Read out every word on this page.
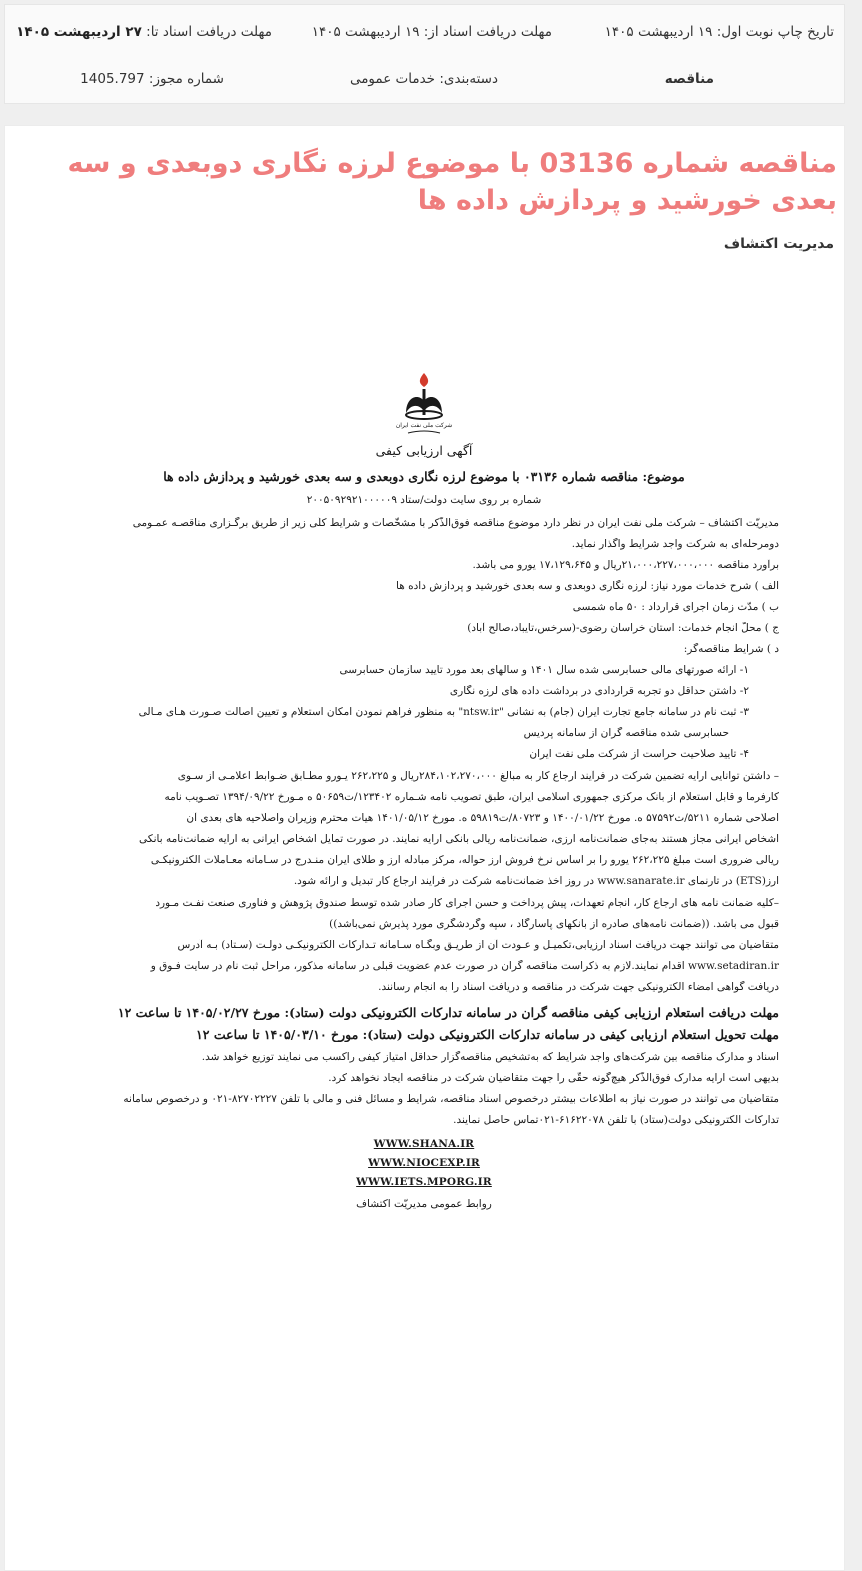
تاریخ چاپ نوبت اول: ۱۹ اردیبهشت ۱۴۰۵
مهلت دریافت اسناد از: ۱۹ اردیبهشت ۱۴۰۵
مهلت دریافت اسناد تا: ۲۷ اردیبهشت ۱۴۰۵
مناقصه
دسته‌بندی: خدمات عمومی
شماره مجوز: 1405.797
مناقصه شماره 03136 با موضوع لرزه نگاری دوبعدی و سه بعدی خورشید و پردازش داده ها
مدیریت اکتشاف
شرکت ملی نفت ایران
آگهی ارزیابی کیفی
موضوع: مناقصه شماره ۰۳۱۳۶ با موضوع لرزه نگاری دوبعدی و سه بعدی خورشید و پردازش داده ها
شماره بر روی سایت دولت/ستاد ۲۰۰۵۰۹۲۹۲۱۰۰۰۰۰۹
مدیریّت اکتشاف – شرکت ملّی نفت ایران در نظر دارد موضوع مناقصه فوق‌الذّکر با مشخّصات و شرایط کلّی زیر از طریق برگـزاری مناقصـه عمـومی
دومرحله‌ای به شرکت واجد شرایط واگذار نماید.
برآورد مناقصه ۲۱،۰۰۰،۲۲۷،۰۰۰،۰۰۰ریال و ۱۷،۱۲۹،۶۴۵ یورو می باشد.
الف ) شرح خدمات مورد نیاز: لرزه نگاری دوبعدی و سه بعدی خورشید و پردازش داده ها
ب ) مدّت زمان اجرای قرارداد : ۵۰ ماه شمسی
ج ) محلّ انجام خدمات: استان خراسان رضوی-(سرخس،تایباد،صالح آباد)
د ) شرایط مناقصه‌گر:
۱- ارائه صورتهای مالی حسابرسی شده سال ۱۴۰۱ و سالهای بعد مورد تایید سازمان حسابرسی
۲- داشتن حداقل دو تجربه قراردادی در برداشت داده های لرزه نگاری
۳- ثبت نام در سامانه جامع تجارت ایران (جام) به نشانی "ntsw.ir" به منظور فراهم نمودن امکان استعلام و تعیین اصالت صـورت هـای مـالی
حسابرسی شده مناقصه گران از سامانه پردیس
۴- تایید صلاحیت حراست از شرکت ملی نفت ایران
– داشتن توانایی ارایه تضمین شرکت در فرآیند ارجاع کار به مبالغ ۲۸۴،۱۰۲،۲۷۰،۰۰۰ریال و ۲۶۲،۲۲۵ یـورو مطـابق ضـوابط اعلامـی از سـوی
کارفرما و قابل استعلام از بانک مرکزی جمهوری اسلامی ایران، طبق تصویب نامه شـماره ۱۲۳۴۰۲/ت۵۰۶۵۹ ه مـورخ ۱۳۹۴/۰۹/۲۲ تصـویب نامه
اصلاحی شماره ۵۲۱۱/ت۵۷۵۹۲ ه. مورخ ۱۴۰۰/۰۱/۲۲ و ۸۰۷۲۳/ت۵۹۸۱۹ ه. مورخ ۱۴۰۱/۰۵/۱۲ هیات محترم وزیران واصلاحیه های بعدی آن
اشخاص ایرانی مجاز هستند به‌جای ضمانت‌نامه ارزی، ضمانت‌نامه ریالی بانکی ارایه نمایند. در صورت تمایل اشخاص ایرانی به ارایه ضمانت‌نامه بانکی
ریالی ضروری است مبلغ ۲۶۲،۲۲۵ یورو را بر اساس نرخ فروش ارز حواله، مرکز مبادله ارز و طلای ایران منـدرج در سـامانه معـاملات الکترونیکـی
ارز(ETS) در تارنمای www.sanarate.ir در روز اخذ ضمانت‌نامه شرکت در فرآیند ارجاع کار تبدیل و ارائه شود.
–کلیه ضمانت نامه های ارجاع کار، انجام تعهدات، پیش پرداخت و حسن اجرای کار صادر شده توسط صندوق پژوهش و فناوری صنعت نفـت مـورد
قبول می باشد. ((ضمانت نامه‌های صادره از بانکهای پاسارگاد ، سپه وگردشگری مورد پذیرش نمی‌باشد))
متقاضیان می توانند جهت دریافت اسناد ارزیابی،تکمیـل و عـودت آن از طریـق وبگـاه سـامانه تـدارکات الکترونیکـی دولـت (سـتاد) بـه آدرس
www.setadiran.ir اقدام نمایند.لازم به ذکراست مناقصه گران در صورت عدم عضویت قبلی در سامانه مذکور، مراحل ثبت نام در سایت فـوق و
دریافت گواهی امضاء الکترونیکی جهت شرکت در مناقصه و دریافت اسناد را به انجام رسانند.
مهلت دریافت استعلام ارزیابی کیفی مناقصه گران در سامانه تدارکات الکترونیکی دولت (ستاد): مورخ ۱۴۰۵/۰۲/۲۷ تا ساعت ۱۲
مهلت تحویل استعلام ارزیابی کیفی در سامانه تدارکات الکترونیکی دولت (ستاد): مورخ ۱۴۰۵/۰۳/۱۰ تا ساعت ۱۲
اسناد و مدارک مناقصه بین شرکت‌های واجد شرایط که به‌تشخیص مناقصه‌گزار حداقل امتیاز کیفی راکسب می نمایند توزیع خواهد شد.
بدیهی است ارایه مدارک فوق‌الذّکر هیچ‌گونه حقّی را جهت متقاضیان شرکت در مناقصه ایجاد نخواهد کرد.
متقاضیان می توانند در صورت نیاز به اطّلاعات بیشتر درخصوص اسناد مناقصه، شرایط و مسائل فنی و مالی با تلفن ۸۲۷۰۲۲۲۷-۰۲۱ و درخصوص سامانه
تدارکات الکترونیکی دولت(ستاد) با تلفن ۶۱۶۲۲۰۷۸-۰۲۱تماس حاصل نمایند.
WWW.SHANA.IR
WWW.NIOCEXP.IR
WWW.IETS.MPORG.IR
روابط عمومی مدیریّت اکتشاف
